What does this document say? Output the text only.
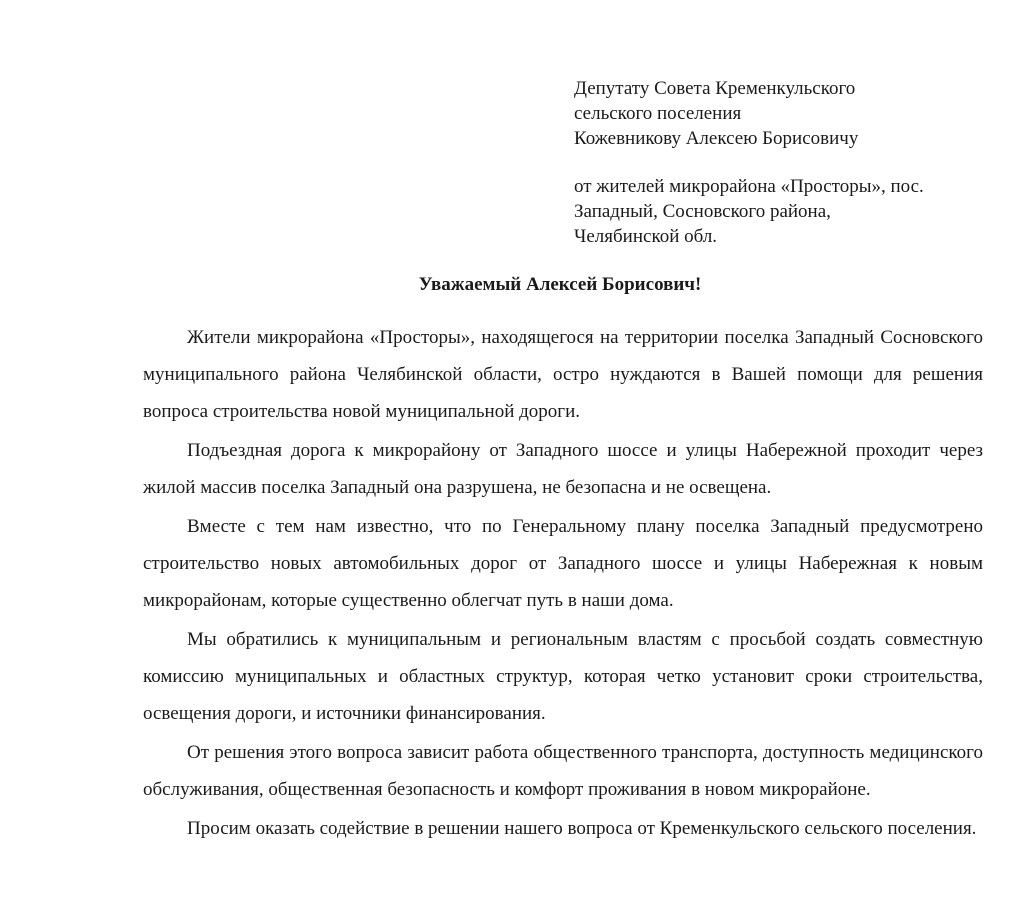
Депутату Совета Кременкульского
сельского поселения
Кожевникову Алексею Борисовичу
от жителей микрорайона «Просторы», пос.
Западный, Сосновского района,
Челябинской обл.
Уважаемый Алексей Борисович!

Жители микрорайона «Просторы», находящегося на территории поселка Западный Сосновского муниципального района Челябинской области, остро нуждаются в Вашей помощи для решения вопроса строительства новой муниципальной дороги.

Подъездная дорога к микрорайону от Западного шоссе и улицы Набережной проходит через жилой массив поселка Западный она разрушена, не безопасна и не освещена.

Вместе с тем нам известно, что по Генеральному плану поселка Западный предусмотрено строительство новых автомобильных дорог от Западного шоссе и улицы Набережная к новым микрорайонам, которые существенно облегчат путь в наши дома.

Мы обратились к муниципальным и региональным властям с просьбой создать совместную комиссию муниципальных и областных структур, которая четко установит сроки строительства, освещения дороги, и источники финансирования.

От решения этого вопроса зависит работа общественного транспорта, доступность медицинского обслуживания, общественная безопасность и комфорт проживания в новом микрорайоне.

Просим оказать содействие в решении нашего вопроса от Кременкульского сельского поселения.
